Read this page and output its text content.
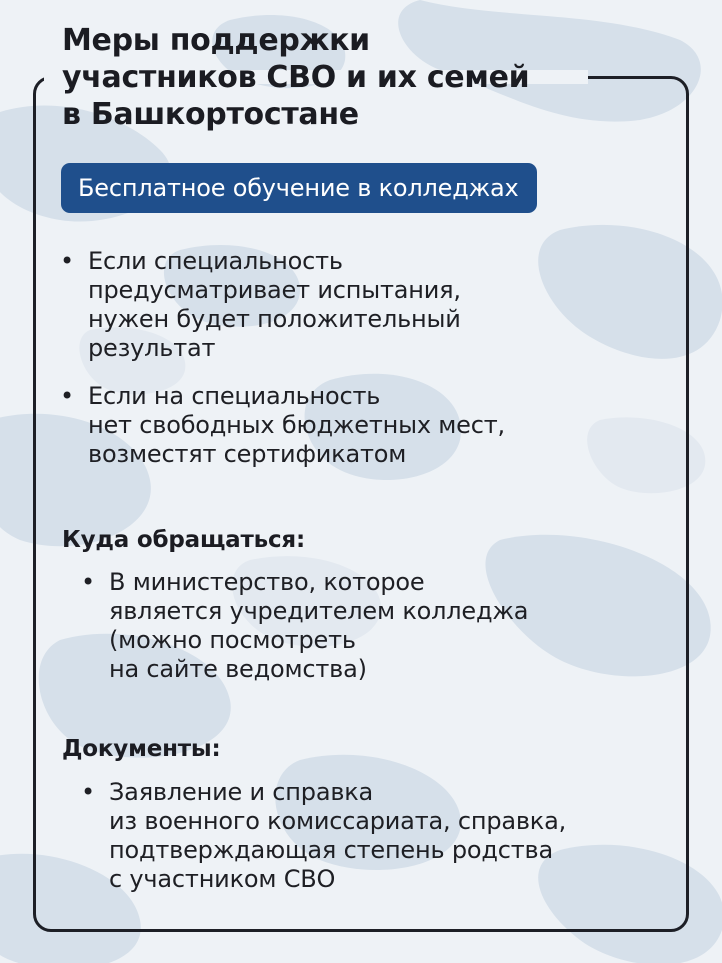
Меры поддержки
участников СВО и их семей
в Башкортостане
Бесплатное обучение в колледжах
• Если специальность
предусматривает испытания,
нужен будет положительный
результат
• Если на специальность
нет свободных бюджетных мест,
возместят сертификатом
Куда обращаться:
• В министерство, которое
является учредителем колледжа
(можно посмотреть
на сайте ведомства)
Документы:
• Заявление и справка
из военного комиссариата, справка,
подтверждающая степень родства
с участником СВО
